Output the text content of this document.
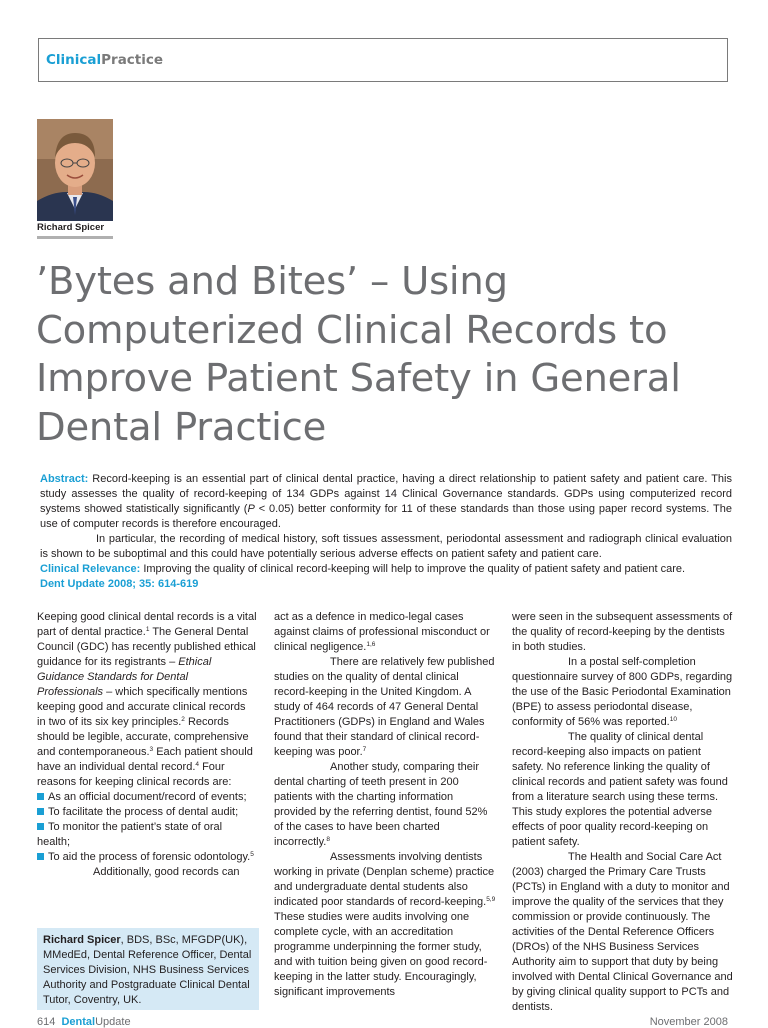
ClinicalPractice
Richard Spicer
’Bytes and Bites’ – Using Computerized Clinical Records to Improve Patient Safety in General Dental Practice

Abstract: Record-keeping is an essential part of clinical dental practice, having a direct relationship to patient safety and patient care. This study assesses the quality of record-keeping of 134 GDPs against 14 Clinical Governance standards. GDPs using computerized record systems showed statistically significantly (P < 0.05) better conformity for 11 of these standards than those using paper record systems. The use of computer records is therefore encouraged.

In particular, the recording of medical history, soft tissues assessment, periodontal assessment and radiograph clinical evaluation is shown to be suboptimal and this could have potentially serious adverse effects on patient safety and patient care.

Clinical Relevance: Improving the quality of clinical record-keeping will help to improve the quality of patient safety and patient care.

Dent Update 2008; 35: 614-619

Keeping good clinical dental records is a vital part of dental practice.$^1$ The General Dental Council (GDC) has recently published ethical guidance for its registrants – Ethical Guidance Standards for Dental Professionals – which specifically mentions keeping good and accurate clinical records in two of its six key principles.$^2$ Records should be legible, accurate, comprehensive and contemporaneous.$^3$ Each patient should have an individual dental record.$^4$ Four reasons for keeping clinical records are:

As an official document/record of events;

To facilitate the process of dental audit;

To monitor the patient’s state of oral health;

To aid the process of forensic odontology.$^5$

Additionally, good records can

act as a defence in medico-legal cases against claims of professional misconduct or clinical negligence.$^{1,6}$

There are relatively few published studies on the quality of dental clinical record-keeping in the United Kingdom. A study of 464 records of 47 General Dental Practitioners (GDPs) in England and Wales found that their standard of clinical record-keeping was poor.$^7$

Another study, comparing their dental charting of teeth present in 200 patients with the charting information provided by the referring dentist, found 52% of the cases to have been charted incorrectly.$^8$

Assessments involving dentists working in private (Denplan scheme) practice and undergraduate dental students also indicated poor standards of record-keeping.$^{5,9}$ These studies were audits involving one complete cycle, with an accreditation programme underpinning the former study, and with tuition being given on good record-keeping in the latter study. Encouragingly, significant improvements

were seen in the subsequent assessments of the quality of record-keeping by the dentists in both studies.

In a postal self-completion questionnaire survey of 800 GDPs, regarding the use of the Basic Periodontal Examination (BPE) to assess periodontal disease, conformity of 56% was reported.$^{10}$

The quality of clinical dental record-keeping also impacts on patient safety. No reference linking the quality of clinical records and patient safety was found from a literature search using these terms. This study explores the potential adverse effects of poor quality record-keeping on patient safety.

The Health and Social Care Act (2003) charged the Primary Care Trusts (PCTs) in England with a duty to monitor and improve the quality of the services that they commission or provide continuously. The activities of the Dental Reference Officers (DROs) of the NHS Business Services Authority aim to support that duty by being involved with Dental Clinical Governance and by giving clinical quality support to PCTs and dentists.

Richard Spicer, BDS, BSc, MFGDP(UK), MMedEd, Dental Reference Officer, Dental Services Division, NHS Business Services Authority and Postgraduate Clinical Dental Tutor, Coventry, UK.
614 DentalUpdate	November 2008
